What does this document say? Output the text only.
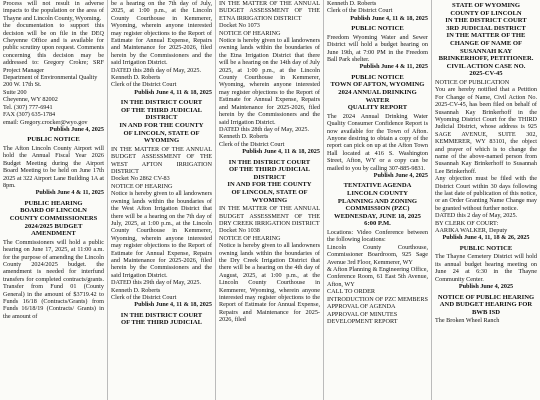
Process will not result in adverse impacts to the population or the area of Thayne and Lincoln County, Wyoming.
the documentation to support this decision will be on file in the DEQ Cheyenne Office and is available for public scrutiny upon request. Comments concerning this decision may be addressed to: Gregory Crokre; SRF Project Manager
Department of Environmental Quality
200 W. 17th St.
Suite 200
Cheyenne, WY 82002
Tel. (307) 777-6941
FAX (307) 635-1784
email: Gregory.crocker@wyo.gov
Publish June 4, 2025
PUBLIC NOTICE
The Afton Lincoln County Airport will hold the Annual Fiscal Year 2026 Budget Meeting during the Airport Board Meeting to be held on June 17th 2025 at 322 Airport Lane Building 1A at 8pm.
Publish June 4 & 11, 2025
PUBLIC HEARING
BOARD OF LINCOLN
COUNTY COMMISSIONERS
2024/2025 BUDGET
AMENDMENT
The Commissioners will hold a public hearing on June 17, 2025, at 11:00 a.m. for the purpose of amending the Lincoln County 2024/2025 budget. the amendment is needed for interfund transfers for completed contracts/grants. Transfer from Fund 01 (County General) in the amount of $3719.42 to Funds 16/18 (Contracts/Grants) from Funds 16/18/19 (Contracts/ Grants) in the amount of
be a hearing on the 7th day of July, 2025, at 1:00 p.m., at the Lincoln County Courthouse in Kemmerer, Wyoming, wherein anyone interested may register objections to the Report of Estimate for Annual Expense, Repairs and Maintenance for 2025-2026, filed herein by the Commissioners and the said Irrigation District.
DATED this 28th day of May, 2025.
Kenneth D. Roberts
Clerk of the District Court
Publish June 4, 11 & 18, 2025
IN THE DISTRICT COURT
OF THE THIRD JUDICIAL
DISTRICT
IN AND FOR THE COUNTY
OF LINCOLN, STATE OF
WYOMING
IN THE MATTER OF THE ANNUAL BUDGET ASSESSMENT OF THE WEST AFTON IRRIGATION DISTRICT
Docket No 2862 CV-83
NOTICE OF HEARING
Notice is hereby given to all landowners owning lands within the boundaries of the West Afton Irrigation District that there will be a hearing on the 7th day of July, 2025, at 1:00 p.m., at the Lincoln County Courthouse in Kemmerer, Wyoming, wherein anyone interested may register objections to the Report of Estimate for Annual Expense, Repairs and Maintenance for 2025-2026, filed herein by the Commissioners and the said Irrigation District.
DATED this 29th day of May, 2025.
Kenneth D. Roberts
Clerk of the District Court
Publish June 4, 11 & 18, 2025
IN THE DISTRICT COURT
OF THE THIRD JUDICIAL
IN THE MATTER OF THE ANNUAL BUDGET ASSESSMENT OF THE ETNA IRRIGATION DISTRICT
Docket No 1073
NOTICE OF HEARING
Notice is hereby given to all landowners owning lands within the boundaries of the Etna Irrigation District that there will be a hearing on the 14th day of July 2025, at 1:00 p.m., at the Lincoln County Courthouse in Kemmerer, Wyoming, wherein anyone interested may register objections to the Report of Estimate for Annual Expense, Repairs and Maintenance for 2025-2026, filed herein by the Commissioners and the said Irrigation District.
DATED this 28th day of May, 2025.
Kenneth D. Roberts
Clerk of the District Court
Publish June 4, 11 & 18, 2025
IN THE DISTRICT COURT
OF THE THIRD JUDICIAL
DISTRICT
IN AND FOR THE COUNTY
OF LINCOLN, STATE OF
WYOMING
IN THE MATTER OF THE ANNUAL BUDGET ASSESSMENT OF THE DRY CREEK IRRIGATION DISTRICT
Docket No 1038
NOTICE OF HEARING
Notice is hereby given to all landowners owning lands within the boundaries of the Dry Creek Irrigation District that there will be a hearing on the 4th day of August, 2025, at 1:00 p.m., at the Lincoln County Courthouse in Kemmerer, Wyoming, wherein anyone interested may register objections to the Report of Estimate for Annual Expense, Repairs and Maintenance for 2025-2026, filed
Kenneth D. Roberts
Clerk of the District Court
Publish June 4, 11 & 18, 2025
PUBLIC NOTICE
Freedom Wyoming Water and Sewer District will hold a budget hearing on June 19th, at 7:00 PM in the Freedom Ball Park shelter.
Publish June 4 & 11, 2025
PUBLIC NOTICE
TOWN OF AFTON, WYOMING
2024 ANNUAL DRINKING
WATER
QUALITY REPORT
The 2024 Annual Drinking Water Quality Consumer Confidence Report is now available for the Town of Afton. Anyone desiring to obtain a copy of the report can pick on up at the Afton Town Hall located at 416 S. Washington Street, Afton, WY or a copy can be mailed to you by calling 307-885-9831.
Publish June 4, 2025
TENTATIVE AGENDA
LINCOLN COUNTY
PLANNING AND ZONING
COMMISSION (PZC)
WEDNESDAY, JUNE 18, 2025
6:00 P.M.
Locations: Video Conference between the following locations:
Lincoln County Courthouse, Commissioner Boardroom, 925 Sage Avenue 3rd Floor, Kemmerer, WY
& Afton Planning & Engineering Office, Conference Room, 61 East 5th Avenue, Afton, WY
CALL TO ORDER
INTRODUCTION OF PZC MEMBERS
APPROVAL OF AGENDA
APPROVAL OF MINUTES
DEVELOPMENT REPORT
STATE OF WYOMING
COUNTY OF LINCOLN
IN THE DISTRICT COURT
3RD JUDICIAL DISTRICT
IN THE MATTER OF THE
CHANGE OF NAME OF
SUSANNAH KAY
BRINKERHOFF, PETITIONER.
CIVIL ACTION CASE NO.
2025-CV-45
NOTICE OF PUBLICATION
You are hereby notified that a Petition For Change of Name, Civil Action No. 2025-CV-45, has been filed on behalf of Susannah Kay Brinkerhoff in the Wyoming District Court for the THIRD Judicial District, whose address is 925 SAGE AVENUE, SUITE 302, KEMMERER, WY 83101, the object and prayer of which is to change the name of the above-named person from Susannah Kay Brinkerhoff to Susannah Lee Brinkerhoff.
Any objection must be filed with the District Court within 30 days following the last date of publication of this notice, or an Order Granting Name Change may be granted without further notice.
DATED this 2 day of May, 2025.
BY CLERK OF COURT:
AARIKA WALKER, Deputy
Publish June 4, 11, 18 & 26, 2025
PUBLIC NOTICE
The Thayne Cemetery District will hold its annual budget hearing meeting on June 24 at 6:30 in the Thayne Community Center.
Publish June 4, 2025
NOTICE OF PUBLIC HEARING
AND BUDGET HEARING FOR
BWB ISD
The Broken Wheel Ranch
